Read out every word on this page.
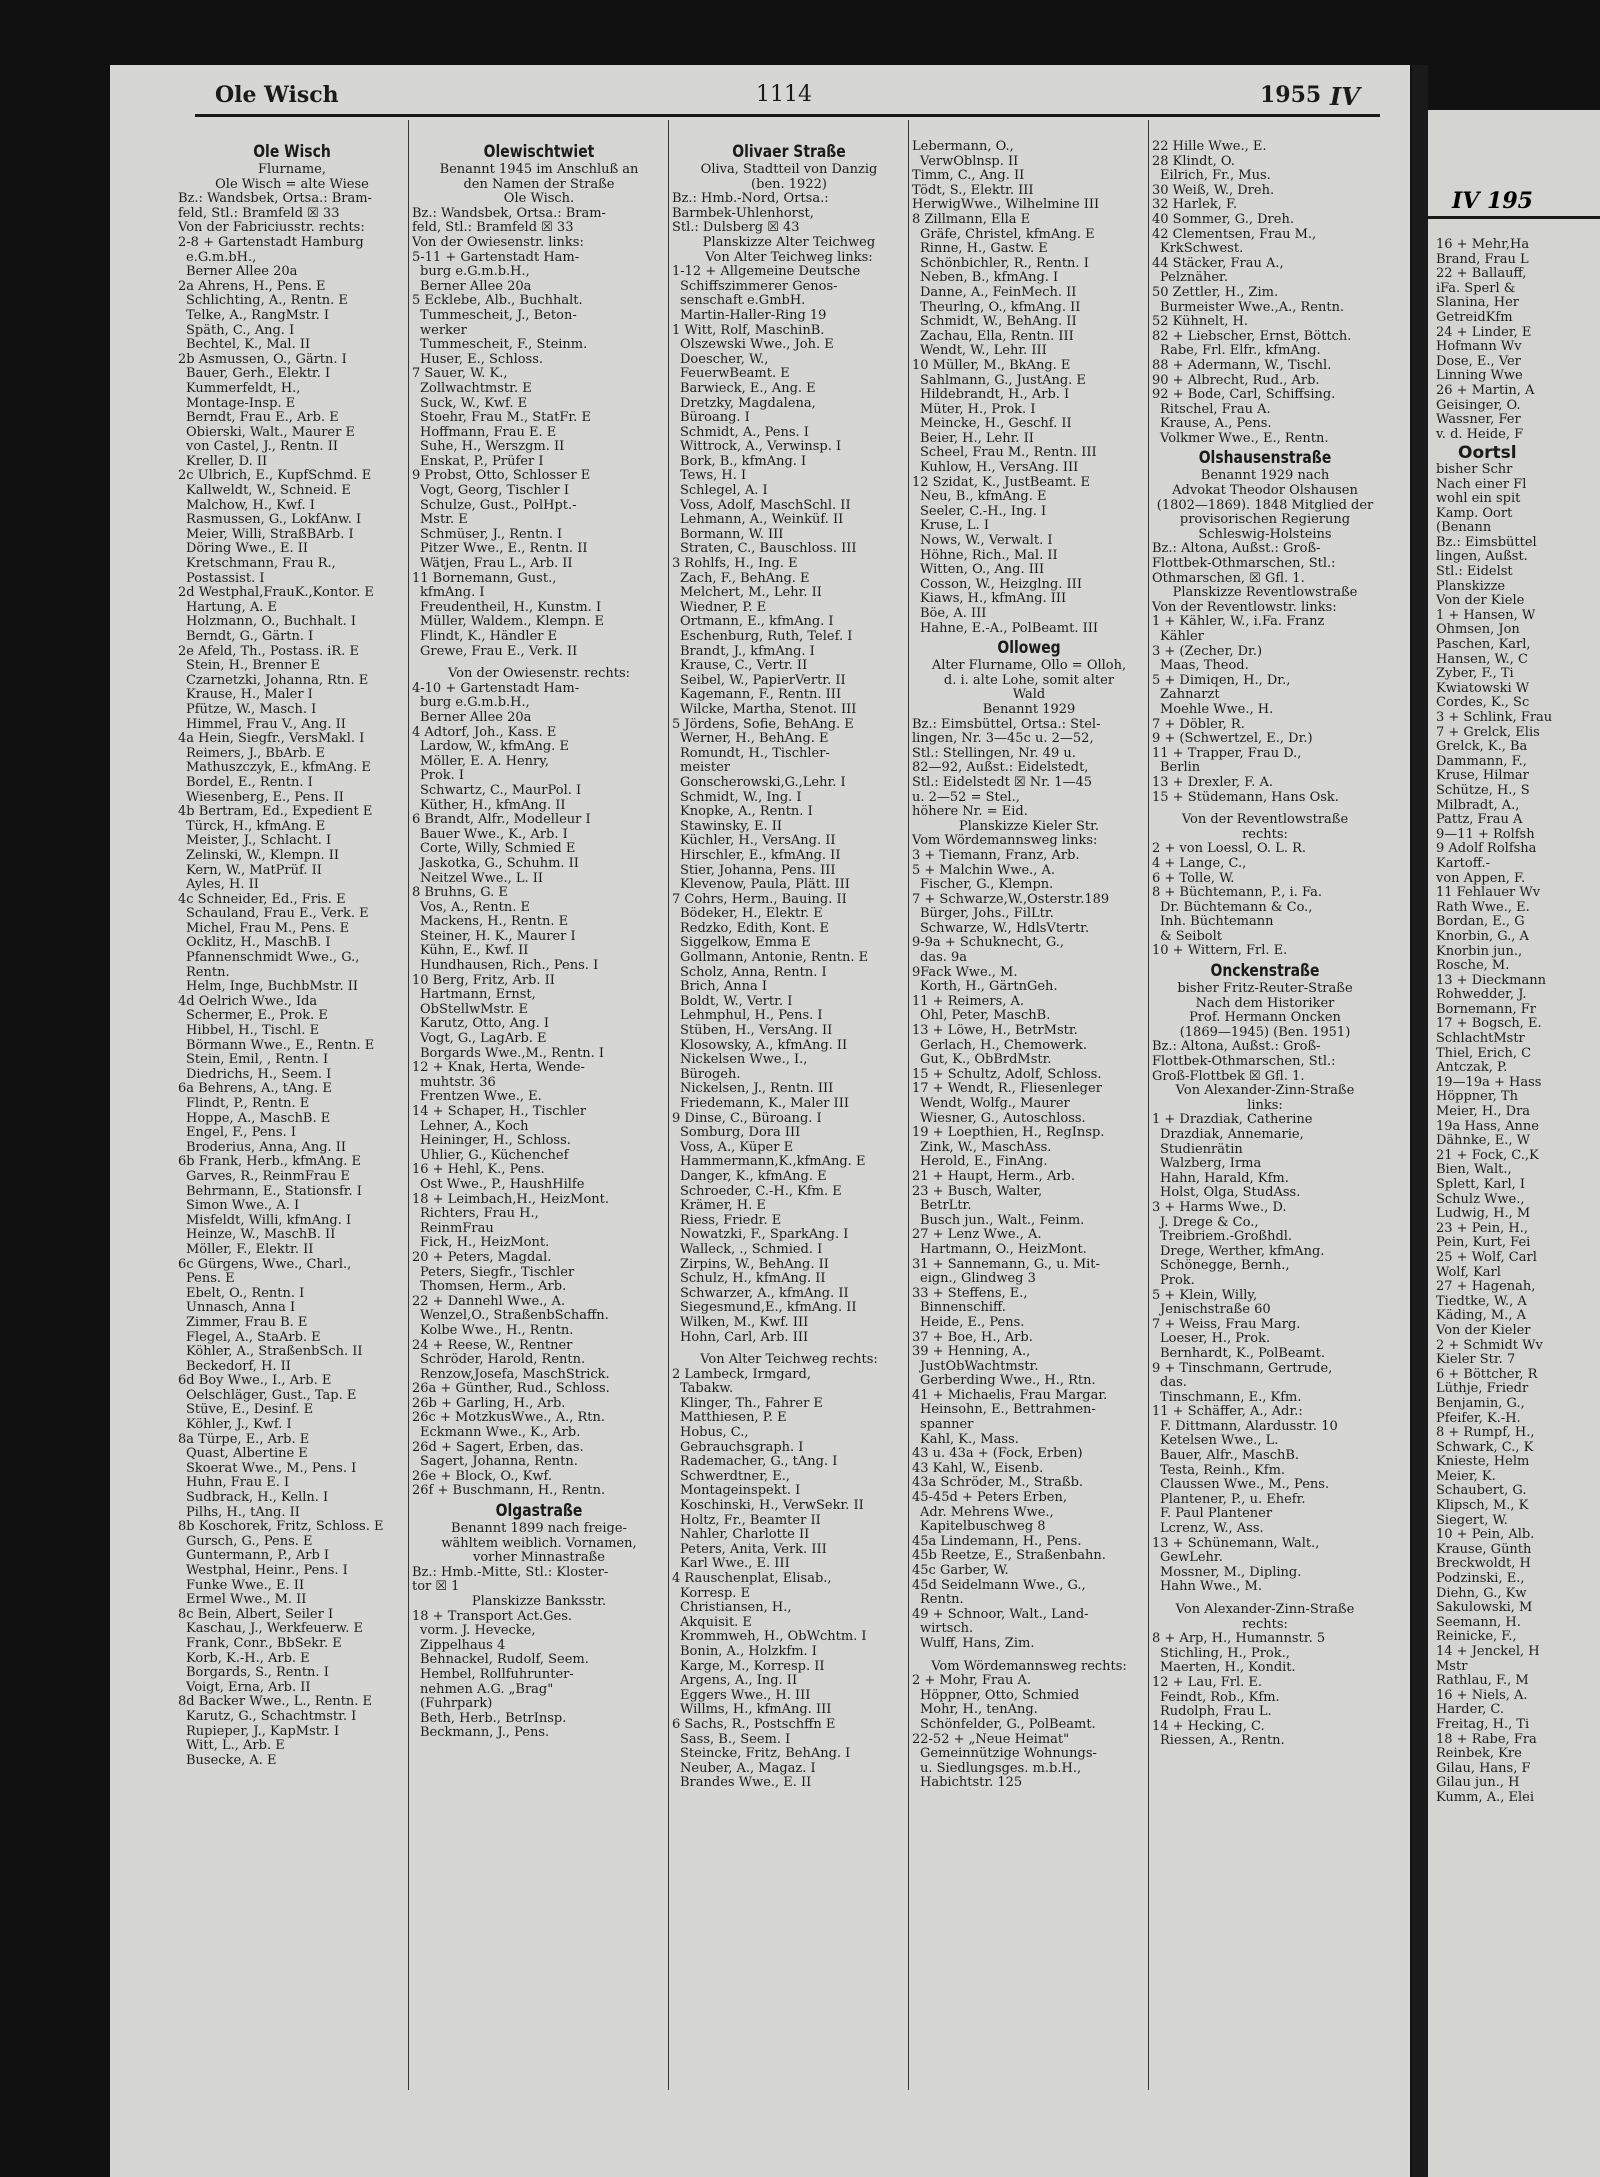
Ole Wisch	1114	1955 IV
Ole Wisch

Flurname,

Ole Wisch = alte Wiese

Bz.: Wandsbek, Ortsa.: Bram-

feld, Stl.: Bramfeld ☒ 33

Von der Fabriciusstr. rechts:

2-8 + Gartenstadt Hamburg

e.G.m.bH.,

Berner Allee 20a

2a Ahrens, H., Pens. E

Schlichting, A., Rentn. E

Telke, A., RangMstr. I

Späth, C., Ang. I

Bechtel, K., Mal. II

2b Asmussen, O., Gärtn. I

Bauer, Gerh., Elektr. I

Kummerfeldt, H.,

Montage-Insp. E

Berndt, Frau E., Arb. E

Obierski, Walt., Maurer E

von Castel, J., Rentn. II

Kreller, D. II

2c Ulbrich, E., KupfSchmd. E

Kallweldt, W., Schneid. E

Malchow, H., Kwf. I

Rasmussen, G., LokfAnw. I

Meier, Willi, StraßBArb. I

Döring Wwe., E. II

Kretschmann, Frau R.,

Postassist. I

2d Westphal,FrauK.,Kontor. E

Hartung, A. E

Holzmann, O., Buchhalt. I

Berndt, G., Gärtn. I

2e Afeld, Th., Postass. iR. E

Stein, H., Brenner E

Czarnetzki, Johanna, Rtn. E

Krause, H., Maler I

Pfütze, W., Masch. I

Himmel, Frau V., Ang. II

4a Hein, Siegfr., VersMakl. I

Reimers, J., BbArb. E

Mathuszczyk, E., kfmAng. E

Bordel, E., Rentn. I

Wiesenberg, E., Pens. II

4b Bertram, Ed., Expedient E

Türck, H., kfmAng. E

Meister, J., Schlacht. I

Zelinski, W., Klempn. II

Kern, W., MatPrüf. II

Ayles, H. II

4c Schneider, Ed., Fris. E

Schauland, Frau E., Verk. E

Michel, Frau M., Pens. E

Ocklitz, H., MaschB. I

Pfannenschmidt Wwe., G.,

Rentn.

Helm, Inge, BuchbMstr. II

4d Oelrich Wwe., Ida

Schermer, E., Prok. E

Hibbel, H., Tischl. E

Börmann Wwe., E., Rentn. E

Stein, Emil, , Rentn. I

Diedrichs, H., Seem. I

6a Behrens, A., tAng. E

Flindt, P., Rentn. E

Hoppe, A., MaschB. E

Engel, F., Pens. I

Broderius, Anna, Ang. II

6b Frank, Herb., kfmAng. E

Garves, R., ReinmFrau E

Behrmann, E., Stationsfr. I

Simon Wwe., A. I

Misfeldt, Willi, kfmAng. I

Heinze, W., MaschB. II

Möller, F., Elektr. II

6c Gürgens, Wwe., Charl.,

Pens. E

Ebelt, O., Rentn. I

Unnasch, Anna I

Zimmer, Frau B. E

Flegel, A., StaArb. E

Köhler, A., StraßenbSch. II

Beckedorf, H. II

6d Boy Wwe., I., Arb. E

Oelschläger, Gust., Tap. E

Stüve, E., Desinf. E

Köhler, J., Kwf. I

8a Türpe, E., Arb. E

Quast, Albertine E

Skoerat Wwe., M., Pens. I

Huhn, Frau E. I

Sudbrack, H., Kelln. I

Pilhs, H., tAng. II

8b Koschorek, Fritz, Schloss. E

Gursch, G., Pens. E

Guntermann, P., Arb I

Westphal, Heinr., Pens. I

Funke Wwe., E. II

Ermel Wwe., M. II

8c Bein, Albert, Seiler I

Kaschau, J., Werkfeuerw. E

Frank, Conr., BbSekr. E

Korb, K.-H., Arb. E

Borgards, S., Rentn. I

Voigt, Erna, Arb. II

8d Backer Wwe., L., Rentn. E

Karutz, G., Schachtmstr. I

Rupieper, J., KapMstr. I

Witt, L., Arb. E

Busecke, A. E

Olewischtwiet

Benannt 1945 im Anschluß an

den Namen der Straße

Ole Wisch.

Bz.: Wandsbek, Ortsa.: Bram-

feld, Stl.: Bramfeld ☒ 33

Von der Owiesenstr. links:

5-11 + Gartenstadt Ham-

burg e.G.m.b.H.,

Berner Allee 20a

5 Ecklebe, Alb., Buchhalt.

Tummescheit, J., Beton-

werker

Tummescheit, F., Steinm.

Huser, E., Schloss.

7 Sauer, W. K.,

Zollwachtmstr. E

Suck, W., Kwf. E

Stoehr, Frau M., StatFr. E

Hoffmann, Frau E. E

Suhe, H., Werszgm. II

Enskat, P., Prüfer I

9 Probst, Otto, Schlosser E

Vogt, Georg, Tischler I

Schulze, Gust., PolHpt.-

Mstr. E

Schmüser, J., Rentn. I

Pitzer Wwe., E., Rentn. II

Wätjen, Frau L., Arb. II

11 Bornemann, Gust.,

kfmAng. I

Freudentheil, H., Kunstm. I

Müller, Waldem., Klempn. E

Flindt, K., Händler E

Grewe, Frau E., Verk. II

Von der Owiesenstr. rechts:

4-10 + Gartenstadt Ham-

burg e.G.m.b.H.,

Berner Allee 20a

4 Adtorf, Joh., Kass. E

Lardow, W., kfmAng. E

Möller, E. A. Henry,

Prok. I

Schwartz, C., MaurPol. I

Küther, H., kfmAng. II

6 Brandt, Alfr., Modelleur I

Bauer Wwe., K., Arb. I

Corte, Willy, Schmied E

Jaskotka, G., Schuhm. II

Neitzel Wwe., L. II

8 Bruhns, G. E

Vos, A., Rentn. E

Mackens, H., Rentn. E

Steiner, H. K., Maurer I

Kühn, E., Kwf. II

Hundhausen, Rich., Pens. I

10 Berg, Fritz, Arb. II

Hartmann, Ernst,

ObStellwMstr. E

Karutz, Otto, Ang. I

Vogt, G., LagArb. E

Borgards Wwe.,M., Rentn. I

12 + Knak, Herta, Wende-

muhtstr. 36

Frentzen Wwe., E.

14 + Schaper, H., Tischler

Lehner, A., Koch

Heininger, H., Schloss.

Uhlier, G., Küchenchef

16 + Hehl, K., Pens.

Ost Wwe., P., HaushHilfe

18 + Leimbach,H., HeizMont.

Richters, Frau H.,

ReinmFrau

Fick, H., HeizMont.

20 + Peters, Magdal.

Peters, Siegfr., Tischler

Thomsen, Herm., Arb.

22 + Dannehl Wwe., A.

Wenzel,O., StraßenbSchaffn.

Kolbe Wwe., H., Rentn.

24 + Reese, W., Rentner

Schröder, Harold, Rentn.

Renzow,Josefa, MaschStrick.

26a + Günther, Rud., Schloss.

26b + Garling, H., Arb.

26c + MotzkusWwe., A., Rtn.

Eckmann Wwe., K., Arb.

26d + Sagert, Erben, das.

Sagert, Johanna, Rentn.

26e + Block, O., Kwf.

26f + Buschmann, H., Rentn.

Olgastraße

Benannt 1899 nach freige-

wähltem weiblich. Vornamen,

vorher Minnastraße

Bz.: Hmb.-Mitte, Stl.: Kloster-

tor ☒ 1

Planskizze Banksstr.

18 + Transport Act.Ges.

vorm. J. Hevecke,

Zippelhaus 4

Behnackel, Rudolf, Seem.

Hembel, Rollfuhrunter-

nehmen A.G. „Brag"

(Fuhrpark)

Beth, Herb., BetrInsp.

Beckmann, J., Pens.

Olivaer Straße

Oliva, Stadtteil von Danzig

(ben. 1922)

Bz.: Hmb.-Nord, Ortsa.:

Barmbek-Uhlenhorst,

Stl.: Dulsberg ☒ 43

Planskizze Alter Teichweg

Von Alter Teichweg links:

1-12 + Allgemeine Deutsche

Schiffszimmerer Genos-

senschaft e.GmbH.

Martin-Haller-Ring 19

1 Witt, Rolf, MaschinB.

Olszewski Wwe., Joh. E

Doescher, W.,

FeuerwBeamt. E

Barwieck, E., Ang. E

Dretzky, Magdalena,

Büroang. I

Schmidt, A., Pens. I

Wittrock, A., Verwinsp. I

Bork, B., kfmAng. I

Tews, H. I

Schlegel, A. I

Voss, Adolf, MaschSchl. II

Lehmann, A., Weinküf. II

Bormann, W. III

Straten, C., Bauschloss. III

3 Rohlfs, H., Ing. E

Zach, F., BehAng. E

Melchert, M., Lehr. II

Wiedner, P. E

Ortmann, E., kfmAng. I

Eschenburg, Ruth, Telef. I

Brandt, J., kfmAng. I

Krause, C., Vertr. II

Seibel, W., PapierVertr. II

Kagemann, F., Rentn. III

Wilcke, Martha, Stenot. III

5 Jördens, Sofie, BehAng. E

Werner, H., BehAng. E

Romundt, H., Tischler-

meister

Gonscherowski,G.,Lehr. I

Schmidt, W., Ing. I

Knopke, A., Rentn. I

Stawinsky, E. II

Küchler, H., VersAng. II

Hirschler, E., kfmAng. II

Stier, Johanna, Pens. III

Klevenow, Paula, Plätt. III

7 Cohrs, Herm., Bauing. II

Bödeker, H., Elektr. E

Redzko, Edith, Kont. E

Siggelkow, Emma E

Gollmann, Antonie, Rentn. E

Scholz, Anna, Rentn. I

Brich, Anna I

Boldt, W., Vertr. I

Lehmphul, H., Pens. I

Stüben, H., VersAng. II

Klosowsky, A., kfmAng. II

Nickelsen Wwe., I.,

Bürogeh.

Nickelsen, J., Rentn. III

Friedemann, K., Maler III

9 Dinse, C., Büroang. I

Somburg, Dora III

Voss, A., Küper E

Hammermann,K.,kfmAng. E

Danger, K., kfmAng. E

Schroeder, C.-H., Kfm. E

Krämer, H. E

Riess, Friedr. E

Nowatzki, F., SparkAng. I

Walleck, ., Schmied. I

Zirpins, W., BehAng. II

Schulz, H., kfmAng. II

Schwarzer, A., kfmAng. II

Siegesmund,E., kfmAng. II

Wilken, M., Kwf. III

Hohn, Carl, Arb. III

Von Alter Teichweg rechts:

2 Lambeck, Irmgard,

Tabakw.

Klinger, Th., Fahrer E

Matthiesen, P. E

Hobus, C.,

Gebrauchsgraph. I

Rademacher, G., tAng. I

Schwerdtner, E.,

Montageinspekt. I

Koschinski, H., VerwSekr. II

Holtz, Fr., Beamter II

Nahler, Charlotte II

Peters, Anita, Verk. III

Karl Wwe., E. III

4 Rauschenplat, Elisab.,

Korresp. E

Christiansen, H.,

Akquisit. E

Krommweh, H., ObWchtm. I

Bonin, A., Holzkfm. I

Karge, M., Korresp. II

Argens, A., Ing. II

Eggers Wwe., H. III

Willms, H., kfmAng. III

6 Sachs, R., Postschffn E

Sass, B., Seem. I

Steincke, Fritz, BehAng. I

Neuber, A., Magaz. I

Brandes Wwe., E. II

Lebermann, O.,

VerwOblnsp. II

Timm, C., Ang. II

Tödt, S., Elektr. III

HerwigWwe., Wilhelmine III

8 Zillmann, Ella E

Gräfe, Christel, kfmAng. E

Rinne, H., Gastw. E

Schönbichler, R., Rentn. I

Neben, B., kfmAng. I

Danne, A., FeinMech. II

Theurlng, O., kfmAng. II

Schmidt, W., BehAng. II

Zachau, Ella, Rentn. III

Wendt, W., Lehr. III

10 Müller, M., BkAng. E

Sahlmann, G., JustAng. E

Hildebrandt, H., Arb. I

Müter, H., Prok. I

Meincke, H., Geschf. II

Beier, H., Lehr. II

Scheel, Frau M., Rentn. III

Kuhlow, H., VersAng. III

12 Szidat, K., JustBeamt. E

Neu, B., kfmAng. E

Seeler, C.-H., Ing. I

Kruse, L. I

Nows, W., Verwalt. I

Höhne, Rich., Mal. II

Witten, O., Ang. III

Cosson, W., Heizglng. III

Kiaws, H., kfmAng. III

Böe, A. III

Hahne, E.-A., PolBeamt. III

Olloweg

Alter Flurname, Ollo = Olloh,

d. i. alte Lohe, somit alter

Wald

Benannt 1929

Bz.: Eimsbüttel, Ortsa.: Stel-

lingen, Nr. 3—45c u. 2—52,

Stl.: Stellingen, Nr. 49 u.

82—92, Außst.: Eidelstedt,

Stl.: Eidelstedt ☒ Nr. 1—45

u. 2—52 = Stel.,

höhere Nr. = Eid.

Planskizze Kieler Str.

Vom Wördemannsweg links:

3 + Tiemann, Franz, Arb.

5 + Malchin Wwe., A.

Fischer, G., Klempn.

7 + Schwarze,W.,Osterstr.189

Bürger, Johs., FilLtr.

Schwarze, W., HdlsVtertr.

9-9a + Schuknecht, G.,

das. 9a

9Fack Wwe., M.

Korth, H., GärtnGeh.

11 + Reimers, A.

Ohl, Peter, MaschB.

13 + Löwe, H., BetrMstr.

Gerlach, H., Chemowerk.

Gut, K., ObBrdMstr.

15 + Schultz, Adolf, Schloss.

17 + Wendt, R., Fliesenleger

Wendt, Wolfg., Maurer

Wiesner, G., Autoschloss.

19 + Loepthien, H., RegInsp.

Zink, W., MaschAss.

Herold, E., FinAng.

21 + Haupt, Herm., Arb.

23 + Busch, Walter,

BetrLtr.

Busch jun., Walt., Feinm.

27 + Lenz Wwe., A.

Hartmann, O., HeizMont.

31 + Sannemann, G., u. Mit-

eign., Glindweg 3

33 + Steffens, E.,

Binnenschiff.

Heide, E., Pens.

37 + Boe, H., Arb.

39 + Henning, A.,

JustObWachtmstr.

Gerberding Wwe., H., Rtn.

41 + Michaelis, Frau Margar.

Heinsohn, E., Bettrahmen-

spanner

Kahl, K., Mass.

43 u. 43a + (Fock, Erben)

43 Kahl, W., Eisenb.

43a Schröder, M., Straßb.

45-45d + Peters Erben,

Adr. Mehrens Wwe.,

Kapitelbuschweg 8

45a Lindemann, H., Pens.

45b Reetze, E., Straßenbahn.

45c Garber, W.

45d Seidelmann Wwe., G.,

Rentn.

49 + Schnoor, Walt., Land-

wirtsch.

Wulff, Hans, Zim.

Vom Wördemannsweg rechts:

2 + Mohr, Frau A.

Höppner, Otto, Schmied

Mohr, H., tenAng.

Schönfelder, G., PolBeamt.

22-52 + „Neue Heimat"

Gemeinnützige Wohnungs-

u. Siedlungsges. m.b.H.,

Habichtstr. 125

22 Hille Wwe., E.

28 Klindt, O.

Eilrich, Fr., Mus.

30 Weiß, W., Dreh.

32 Harlek, F.

40 Sommer, G., Dreh.

42 Clementsen, Frau M.,

KrkSchwest.

44 Stäcker, Frau A.,

Pelznäher.

50 Zettler, H., Zim.

Burmeister Wwe.,A., Rentn.

52 Kühnelt, H.

82 + Liebscher, Ernst, Böttch.

Rabe, Frl. Elfr., kfmAng.

88 + Adermann, W., Tischl.

90 + Albrecht, Rud., Arb.

92 + Bode, Carl, Schiffsing.

Ritschel, Frau A.

Krause, A., Pens.

Volkmer Wwe., E., Rentn.

Olshausenstraße

Benannt 1929 nach

Advokat Theodor Olshausen

(1802—1869). 1848 Mitglied der

provisorischen Regierung

Schleswig-Holsteins

Bz.: Altona, Außst.: Groß-

Flottbek-Othmarschen, Stl.:

Othmarschen, ☒ Gfl. 1.

Planskizze Reventlowstraße

Von der Reventlowstr. links:

1 + Kähler, W., i.Fa. Franz

Kähler

3 + (Zecher, Dr.)

Maas, Theod.

5 + Dimiqen, H., Dr.,

Zahnarzt

Moehle Wwe., H.

7 + Döbler, R.

9 + (Schwertzel, E., Dr.)

11 + Trapper, Frau D.,

Berlin

13 + Drexler, F. A.

15 + Stüdemann, Hans Osk.

Von der Reventlowstraße

rechts:

2 + von Loessl, O. L. R.

4 + Lange, C.,

6 + Tolle, W.

8 + Büchtemann, P., i. Fa.

Dr. Büchtemann & Co.,

Inh. Büchtemann

& Seibolt

10 + Wittern, Frl. E.

Onckenstraße

bisher Fritz-Reuter-Straße

Nach dem Historiker

Prof. Hermann Oncken

(1869—1945) (Ben. 1951)

Bz.: Altona, Außst.: Groß-

Flottbek-Othmarschen, Stl.:

Groß-Flottbek ☒ Gfl. 1.

Von Alexander-Zinn-Straße

links:

1 + Drazdiak, Catherine

Drazdiak, Annemarie,

Studienrätin

Walzberg, Irma

Hahn, Harald, Kfm.

Holst, Olga, StudAss.

3 + Harms Wwe., D.

J. Drege & Co.,

Treibriem.-Großhdl.

Drege, Werther, kfmAng.

Schönegge, Bernh.,

Prok.

5 + Klein, Willy,

Jenischstraße 60

7 + Weiss, Frau Marg.

Loeser, H., Prok.

Bernhardt, K., PolBeamt.

9 + Tinschmann, Gertrude,

das.

Tinschmann, E., Kfm.

11 + Schäffer, A., Adr.:

F. Dittmann, Alardusstr. 10

Ketelsen Wwe., L.

Bauer, Alfr., MaschB.

Testa, Reinh., Kfm.

Claussen Wwe., M., Pens.

Plantener, P., u. Ehefr.

F. Paul Plantener

Lcrenz, W., Ass.

13 + Schünemann, Walt.,

GewLehr.

Mossner, M., Dipling.

Hahn Wwe., M.

Von Alexander-Zinn-Straße

rechts:

8 + Arp, H., Humannstr. 5

Stichling, H., Prok.,

Maerten, H., Kondit.

12 + Lau, Frl. E.

Feindt, Rob., Kfm.

Rudolph, Frau L.

14 + Hecking, C.

Riessen, A., Rentn.

IV 195

16 + Mehr,Ha

Brand, Frau L

22 + Ballauff,

iFa. Sperl &

Slanina, Her

GetreidKfm

24 + Linder, E

Hofmann Wv

Dose, E., Ver

Linning Wwe

26 + Martin, A

Geisinger, O.

Wassner, Fer

v. d. Heide, F

Oortsl

bisher Schr

Nach einer Fl

wohl ein spit

Kamp. Oort

(Benann

Bz.: Eimsbüttel

lingen, Außst.

Stl.: Eidelst

Planskizze

Von der Kiele

1 + Hansen, W

Ohmsen, Jon

Paschen, Karl,

Hansen, W., C

Zyber, F., Ti

Kwiatowski W

Cordes, K., Sc

3 + Schlink, Frau

7 + Grelck, Elis

Grelck, K., Ba

Dammann, F.,

Kruse, Hilmar

Schütze, H., S

Milbradt, A.,

Pattz, Frau A

9—11 + Rolfsh

9 Adolf Rolfsha

Kartoff.-

von Appen, F.

11 Fehlauer Wv

Rath Wwe., E.

Bordan, E., G

Knorbin, G., A

Knorbin jun.,

Rosche, M.

13 + Dieckmann

Rohwedder, J.

Bornemann, Fr

17 + Bogsch, E.

SchlachtMstr

Thiel, Erich, C

Antczak, P.

19—19a + Hass

Höppner, Th

Meier, H., Dra

19a Hass, Anne

Dähnke, E., W

21 + Fock, C.,K

Bien, Walt.,

Splett, Karl, I

Schulz Wwe.,

Ludwig, H., M

23 + Pein, H.,

Pein, Kurt, Fei

25 + Wolf, Carl

Wolf, Karl

27 + Hagenah,

Tiedtke, W., A

Käding, M., A

Von der Kieler

2 + Schmidt Wv

Kieler Str. 7

6 + Böttcher, R

Lüthje, Friedr

Benjamin, G.,

Pfeifer, K.-H.

8 + Rumpf, H.,

Schwark, C., K

Knieste, Helm

Meier, K.

Schaubert, G.

Klipsch, M., K

Siegert, W.

10 + Pein, Alb.

Krause, Günth

Breckwoldt, H

Podzinski, E.,

Diehn, G., Kw

Sakulowski, M

Seemann, H.

Reinicke, F.,

14 + Jenckel, H

Mstr

Rathlau, F., M

16 + Niels, A.

Harder, C.

Freitag, H., Ti

18 + Rabe, Fra

Reinbek, Kre

Gilau, Hans, F

Gilau jun., H

Kumm, A., Elei
